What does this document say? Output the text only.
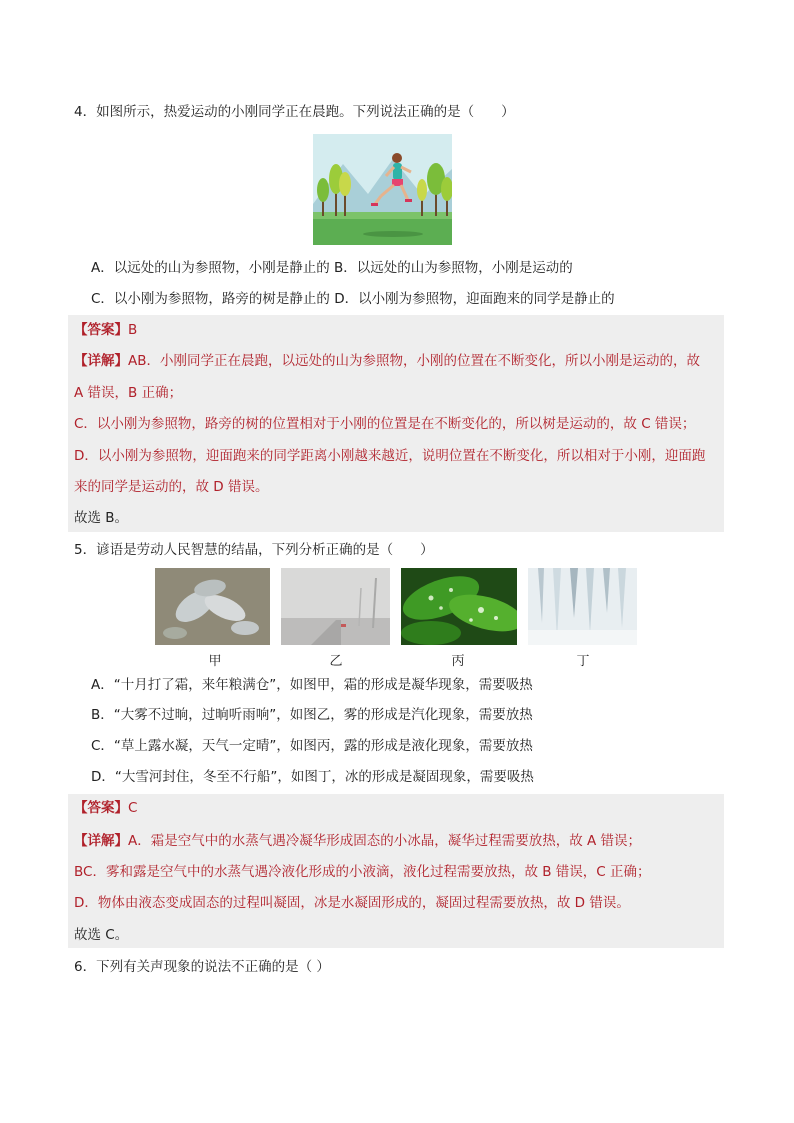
4．如图所示，热爱运动的小刚同学正在晨跑。下列说法正确的是（　　）
A．以远处的山为参照物，小刚是静止的 B．以远处的山为参照物，小刚是运动的
C．以小刚为参照物，路旁的树是静止的 D．以小刚为参照物，迎面跑来的同学是静止的
【答案】B
【详解】AB．小刚同学正在晨跑，以远处的山为参照物，小刚的位置在不断变化，所以小刚是运动的，故
A 错误，B 正确；
C．以小刚为参照物，路旁的树的位置相对于小刚的位置是在不断变化的，所以树是运动的，故 C 错误；
D．以小刚为参照物，迎面跑来的同学距离小刚越来越近，说明位置在不断变化，所以相对于小刚，迎面跑
来的同学是运动的，故 D 错误。
故选 B。
5．谚语是劳动人民智慧的结晶，下列分析正确的是（　　）
甲	乙	丙	丁
A．“十月打了霜，来年粮满仓”，如图甲，霜的形成是凝华现象，需要吸热
B．“大雾不过晌，过晌听雨响”，如图乙，雾的形成是汽化现象，需要放热
C．“草上露水凝，天气一定晴”，如图丙，露的形成是液化现象，需要放热
D．“大雪河封住，冬至不行船”，如图丁，冰的形成是凝固现象，需要吸热
【答案】C
【详解】A．霜是空气中的水蒸气遇冷凝华形成固态的小冰晶，凝华过程需要放热，故 A 错误；
BC．雾和露是空气中的水蒸气遇冷液化形成的小液滴，液化过程需要放热，故 B 错误，C 正确；
D．物体由液态变成固态的过程叫凝固，冰是水凝固形成的，凝固过程需要放热，故 D 错误。
故选 C。
6．下列有关声现象的说法不正确的是（ ）
